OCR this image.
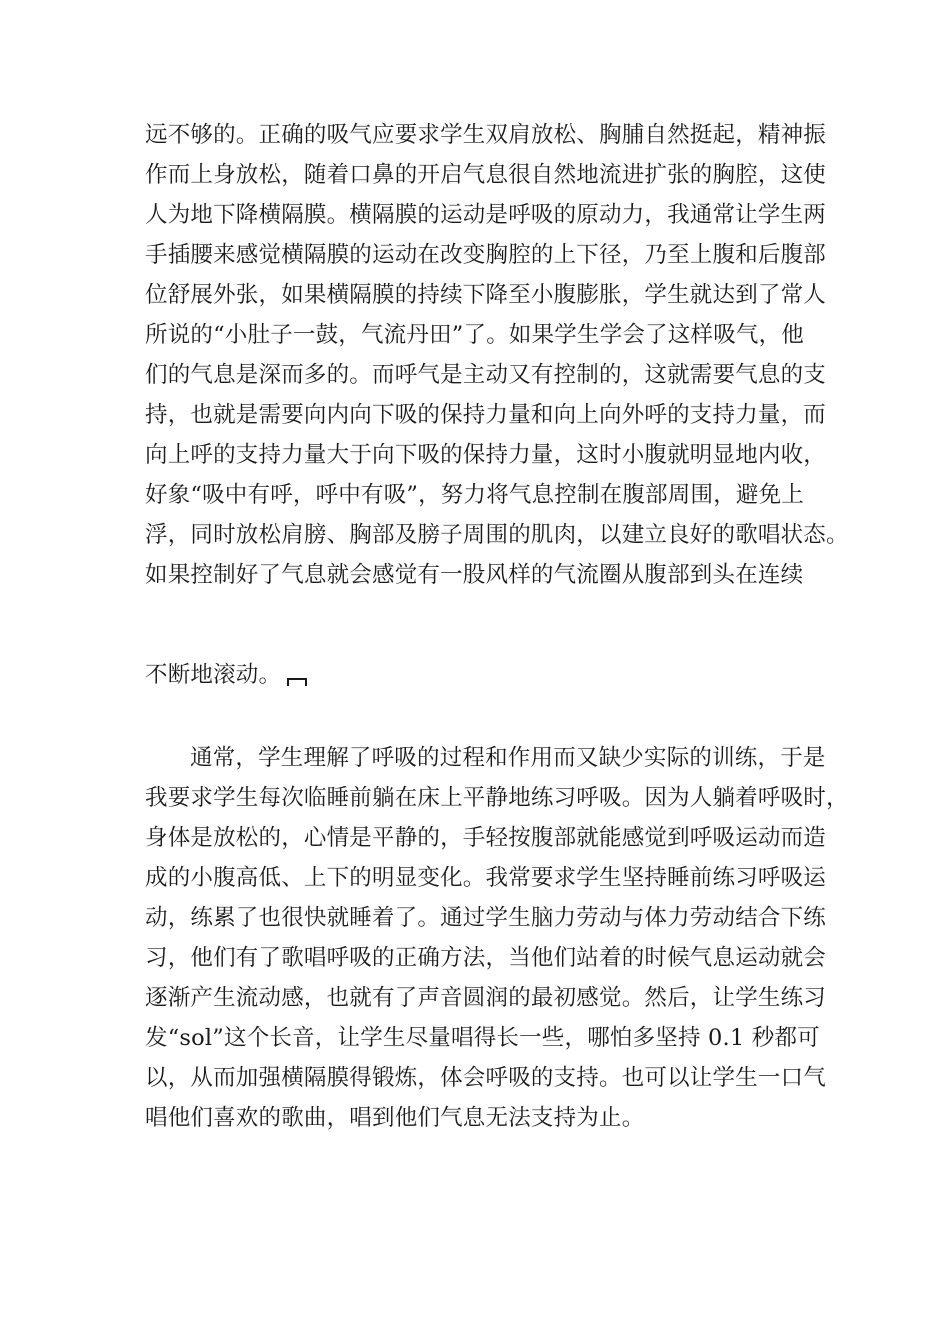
远不够的。正确的吸气应要求学生双肩放松、胸脯自然挺起，精神振
作而上身放松，随着口鼻的开启气息很自然地流进扩张的胸腔，这使
人为地下降横隔膜。横隔膜的运动是呼吸的原动力，我通常让学生两
手插腰来感觉横隔膜的运动在改变胸腔的上下径，乃至上腹和后腹部
位舒展外张，如果横隔膜的持续下降至小腹膨胀，学生就达到了常人
所说的“小肚子一鼓，气流丹田”了。如果学生学会了这样吸气，他
们的气息是深而多的。而呼气是主动又有控制的，这就需要气息的支
持，也就是需要向内向下吸的保持力量和向上向外呼的支持力量，而
向上呼的支持力量大于向下吸的保持力量，这时小腹就明显地内收，
好象“吸中有呼，呼中有吸”，努力将气息控制在腹部周围，避免上
浮，同时放松肩膀、胸部及膀子周围的肌肉，以建立良好的歌唱状态。
如果控制好了气息就会感觉有一股风样的气流圈从腹部到头在连续

不断地滚动。

通常，学生理解了呼吸的过程和作用而又缺少实际的训练，于是
我要求学生每次临睡前躺在床上平静地练习呼吸。因为人躺着呼吸时，
身体是放松的，心情是平静的，手轻按腹部就能感觉到呼吸运动而造
成的小腹高低、上下的明显变化。我常要求学生坚持睡前练习呼吸运
动，练累了也很快就睡着了。通过学生脑力劳动与体力劳动结合下练
习，他们有了歌唱呼吸的正确方法，当他们站着的时候气息运动就会
逐渐产生流动感，也就有了声音圆润的最初感觉。然后，让学生练习
发“sol”这个长音，让学生尽量唱得长一些，哪怕多坚持 0.1 秒都可
以，从而加强横隔膜得锻炼，体会呼吸的支持。也可以让学生一口气
唱他们喜欢的歌曲，唱到他们气息无法支持为止。
